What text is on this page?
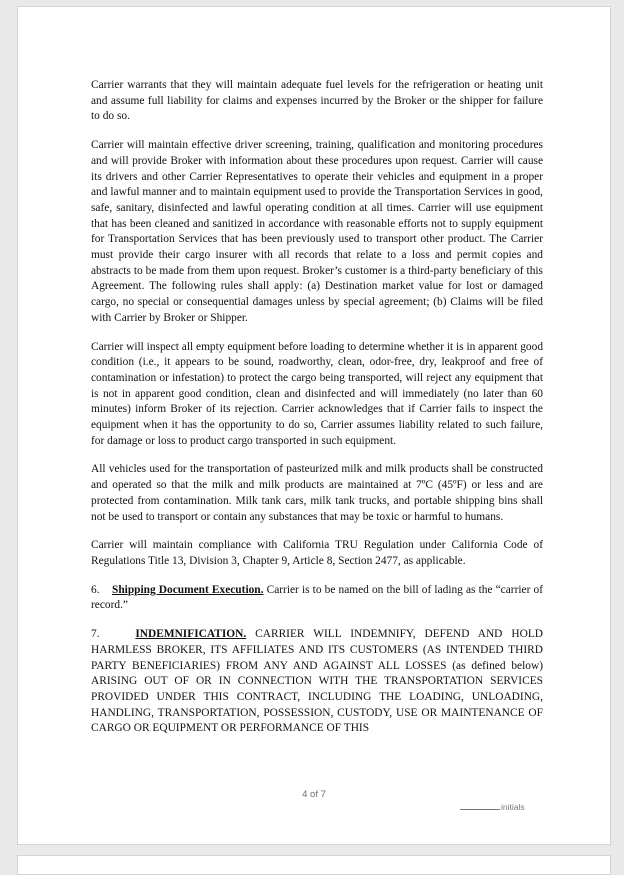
Carrier warrants that they will maintain adequate fuel levels for the refrigeration or heating unit and assume full liability for claims and expenses incurred by the Broker or the shipper for failure to do so.

Carrier will maintain effective driver screening, training, qualification and monitoring procedures and will provide Broker with information about these procedures upon request. Carrier will cause its drivers and other Carrier Representatives to operate their vehicles and equipment in a proper and lawful manner and to maintain equipment used to provide the Transportation Services in good, safe, sanitary, disinfected and lawful operating condition at all times. Carrier will use equipment that has been cleaned and sanitized in accordance with reasonable efforts not to supply equipment for Transportation Services that has been previously used to transport other product. The Carrier must provide their cargo insurer with all records that relate to a loss and permit copies and abstracts to be made from them upon request. Broker’s customer is a third-party beneficiary of this Agreement. The following rules shall apply: (a) Destination market value for lost or damaged cargo, no special or consequential damages unless by special agreement; (b) Claims will be filed with Carrier by Broker or Shipper.

Carrier will inspect all empty equipment before loading to determine whether it is in apparent good condition (i.e., it appears to be sound, roadworthy, clean, odor-free, dry, leakproof and free of contamination or infestation) to protect the cargo being transported, will reject any equipment that is not in apparent good condition, clean and disinfected and will immediately (no later than 60 minutes) inform Broker of its rejection. Carrier acknowledges that if Carrier fails to inspect the equipment when it has the opportunity to do so, Carrier assumes liability related to such failure, for damage or loss to product cargo transported in such equipment.

All vehicles used for the transportation of pasteurized milk and milk products shall be constructed and operated so that the milk and milk products are maintained at 7ºC (45ºF) or less and are protected from contamination. Milk tank cars, milk tank trucks, and portable shipping bins shall not be used to transport or contain any substances that may be toxic or harmful to humans.

Carrier will maintain compliance with California TRU Regulation under California Code of Regulations Title 13, Division 3, Chapter 9, Article 8, Section 2477, as applicable.

6. Shipping Document Execution. Carrier is to be named on the bill of lading as the “carrier of record.”

7.	INDEMNIFICATION. CARRIER WILL INDEMNIFY, DEFEND AND HOLD HARMLESS BROKER, ITS AFFILIATES AND ITS CUSTOMERS (AS INTENDED THIRD PARTY BENEFICIARIES) FROM ANY AND AGAINST ALL LOSSES (as defined below) ARISING OUT OF OR IN CONNECTION WITH THE TRANSPORTATION SERVICES PROVIDED UNDER THIS CONTRACT, INCLUDING THE LOADING, UNLOADING, HANDLING, TRANSPORTATION, POSSESSION, CUSTODY, USE OR MAINTENANCE OF CARGO OR EQUIPMENT OR PERFORMANCE OF THIS

4 of 7
initials
